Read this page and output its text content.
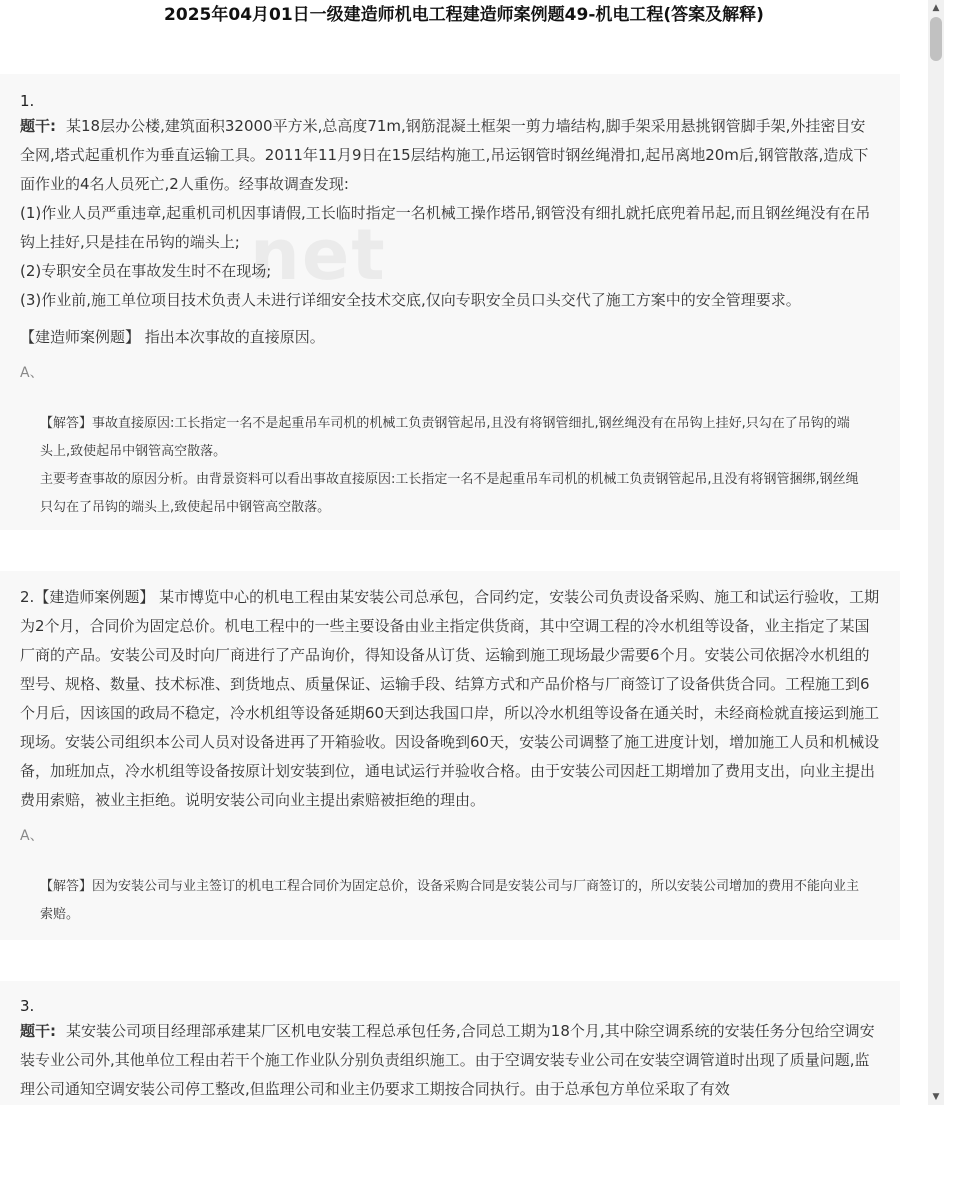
2025年04月01日一级建造师机电工程建造师案例题49-机电工程(答案及解释)
net
1.

题干: 某18层办公楼,建筑面积32000平方米,总高度71m,钢筋混凝土框架一剪力墙结构,脚手架采用悬挑钢管脚手架,外挂密目安全网,塔式起重机作为垂直运输工具。2011年11月9日在15层结构施工,吊运钢管时钢丝绳滑扣,起吊离地20m后,钢管散落,造成下面作业的4名人员死亡,2人重伤。经事故调查发现:

(1)作业人员严重违章,起重机司机因事请假,工长临时指定一名机械工操作塔吊,钢管没有细扎就托底兜着吊起,而且钢丝绳没有在吊钩上挂好,只是挂在吊钩的端头上;

(2)专职安全员在事故发生时不在现场;

(3)作业前,施工单位项目技术负责人未进行详细安全技术交底,仅向专职安全员口头交代了施工方案中的安全管理要求。

【建造师案例题】 指出本次事故的直接原因。
A、

【解答】事故直接原因:工长指定一名不是起重吊车司机的机械工负责钢管起吊,且没有将钢管细扎,钢丝绳没有在吊钩上挂好,只勾在了吊钩的端头上,致使起吊中钢管高空散落。

主要考查事故的原因分析。由背景资料可以看出事故直接原因:工长指定一名不是起重吊车司机的机械工负责钢管起吊,且没有将钢管捆绑,钢丝绳只勾在了吊钩的端头上,致使起吊中钢管高空散落。

2.【建造师案例题】 某市博览中心的机电工程由某安装公司总承包，合同约定，安装公司负责设备采购、施工和试运行验收，工期为2个月，合同价为固定总价。机电工程中的一些主要设备由业主指定供货商，其中空调工程的冷水机组等设备，业主指定了某国厂商的产品。安装公司及时向厂商进行了产品询价，得知设备从订货、运输到施工现场最少需要6个月。安装公司依据冷水机组的型号、规格、数量、技术标准、到货地点、质量保证、运输手段、结算方式和产品价格与厂商签订了设备供货合同。工程施工到6个月后，因该国的政局不稳定，冷水机组等设备延期60天到达我国口岸，所以冷水机组等设备在通关时，未经商检就直接运到施工现场。安装公司组织本公司人员对设备进再了开箱验收。因设备晚到60天，安装公司调整了施工进度计划，增加施工人员和机械设备，加班加点，冷水机组等设备按原计划安装到位，通电试运行并验收合格。由于安装公司因赶工期增加了费用支出，向业主提出费用索赔，被业主拒绝。说明安装公司向业主提出索赔被拒绝的理由。

A、

【解答】因为安装公司与业主签订的机电工程合同价为固定总价，设备采购合同是安装公司与厂商签订的，所以安装公司增加的费用不能向业主索赔。

3.

题干: 某安装公司项目经理部承建某厂区机电安装工程总承包任务,合同总工期为18个月,其中除空调系统的安装任务分包给空调安装专业公司外,其他单位工程由若干个施工作业队分别负责组织施工。由于空调安装专业公司在安装空调管道时出现了质量问题,监理公司通知空调安装公司停工整改,但监理公司和业主仍要求工期按合同执行。由于总承包方单位采取了有效

▲
▼
